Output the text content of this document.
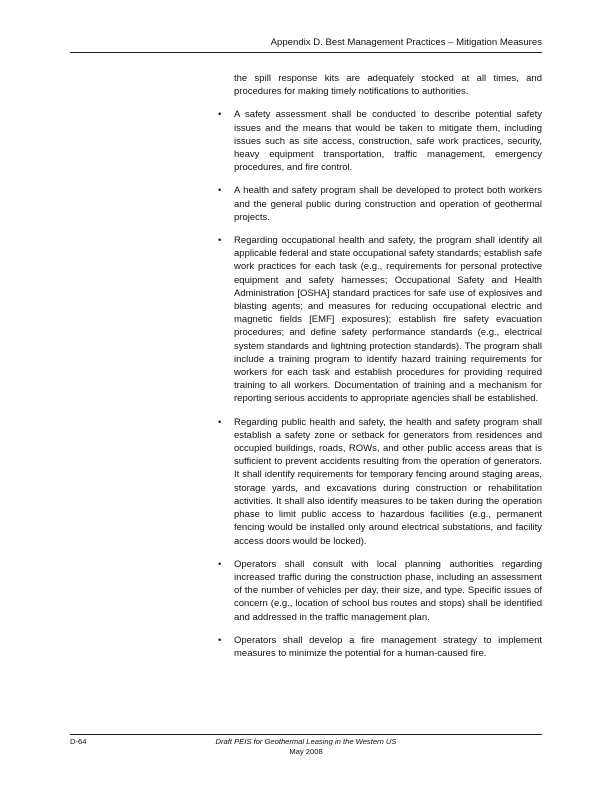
Appendix D. Best Management Practices – Mitigation Measures

the spill response kits are adequately stocked at all times, and procedures for making timely notifications to authorities.

• A safety assessment shall be conducted to describe potential safety issues and the means that would be taken to mitigate them, including issues such as site access, construction, safe work practices, security, heavy equipment transportation, traffic management, emergency procedures, and fire control.
• A health and safety program shall be developed to protect both workers and the general public during construction and operation of geothermal projects.
• Regarding occupational health and safety, the program shall identify all applicable federal and state occupational safety standards; establish safe work practices for each task (e.g., requirements for personal protective equipment and safety harnesses; Occupational Safety and Health Administration [OSHA] standard practices for safe use of explosives and blasting agents; and measures for reducing occupational electric and magnetic fields [EMF] exposures); establish fire safety evacuation procedures; and define safety performance standards (e.g., electrical system standards and lightning protection standards). The program shall include a training program to identify hazard training requirements for workers for each task and establish procedures for providing required training to all workers. Documentation of training and a mechanism for reporting serious accidents to appropriate agencies shall be established.
• Regarding public health and safety, the health and safety program shall establish a safety zone or setback for generators from residences and occupied buildings, roads, ROWs, and other public access areas that is sufficient to prevent accidents resulting from the operation of generators. It shall identify requirements for temporary fencing around staging areas, storage yards, and excavations during construction or rehabilitation activities. It shall also identify measures to be taken during the operation phase to limit public access to hazardous facilities (e.g., permanent fencing would be installed only around electrical substations, and facility access doors would be locked).
• Operators shall consult with local planning authorities regarding increased traffic during the construction phase, including an assessment of the number of vehicles per day, their size, and type. Specific issues of concern (e.g., location of school bus routes and stops) shall be identified and addressed in the traffic management plan.
• Operators shall develop a fire management strategy to implement measures to minimize the potential for a human-caused fire.
D-64	Draft PEIS for Geothermal Leasing in the Western US
May 2008
